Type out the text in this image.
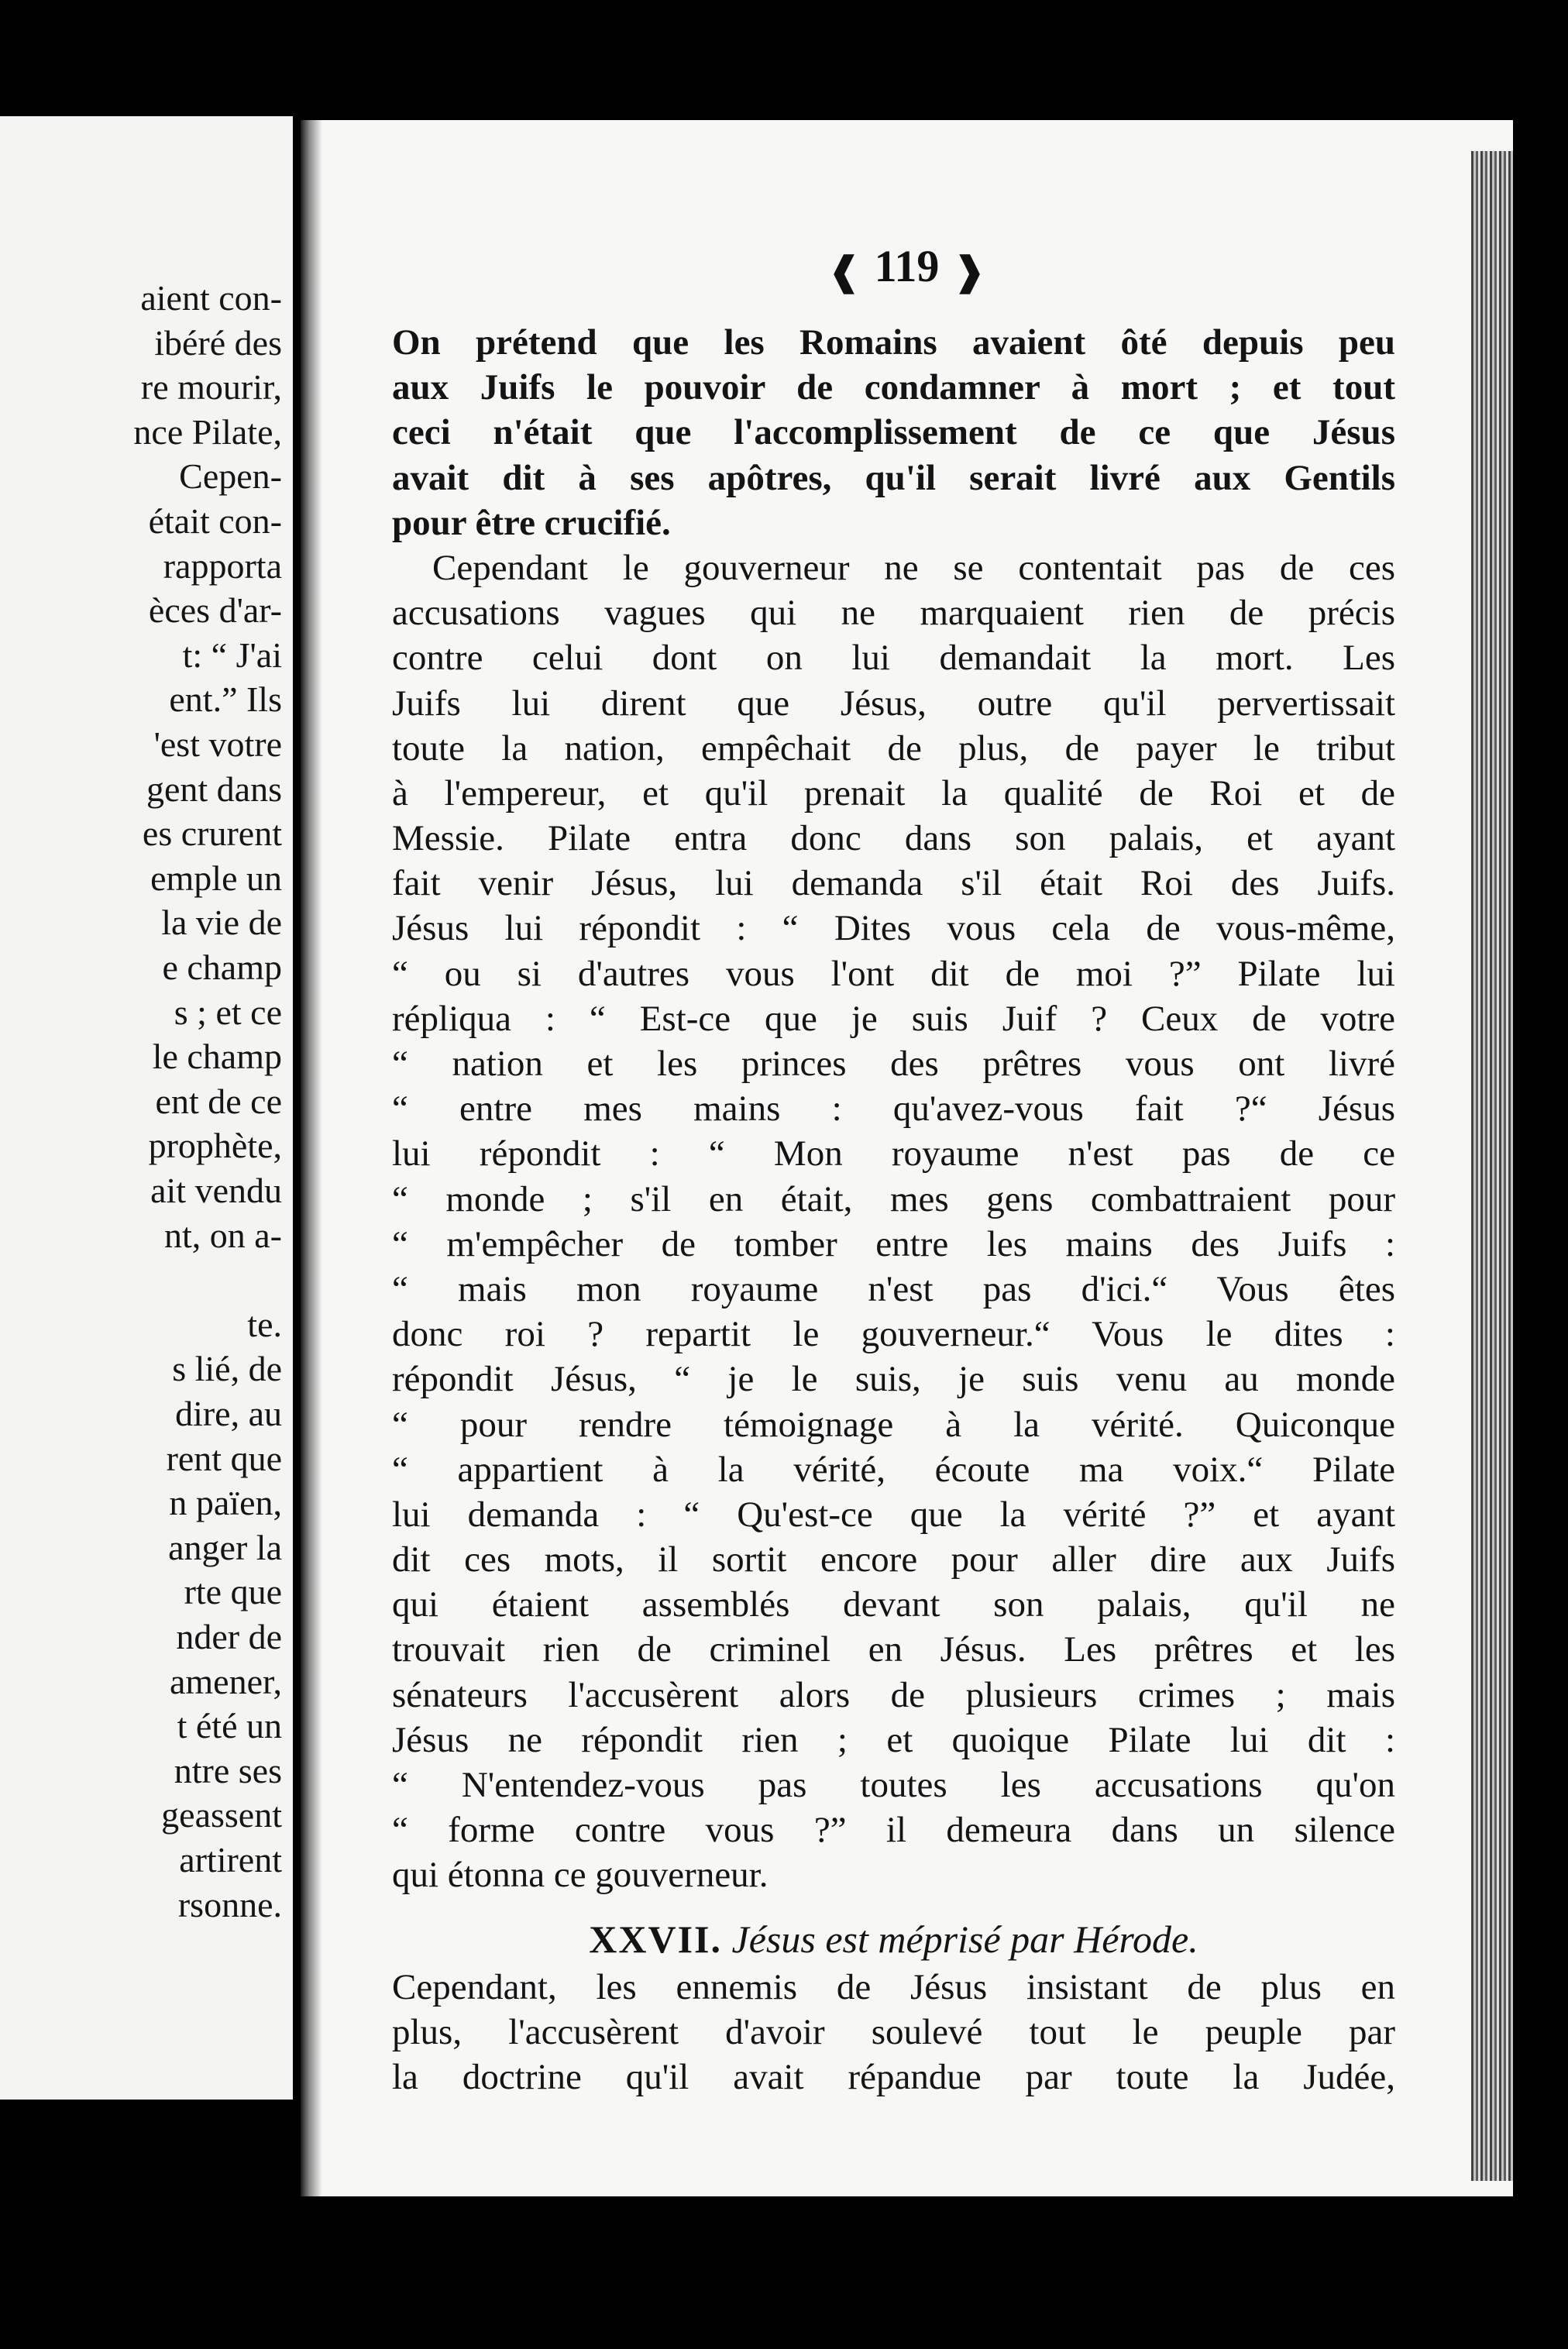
aient con-
ibéré des
re mourir,
nce Pilate,
Cepen-
était con-
rapporta
èces d'ar-
t: “ J'ai
ent.” Ils
'est votre
gent dans
es crurent
emple un
la vie de
e champ
s ; et ce
le champ
ent de ce
prophète,
ait vendu
nt, on a-
te.
s lié, de
dire, au
rent que
n païen,
anger la
rte que
nder de
amener,
t été un
ntre ses
geassent
artirent
rsonne.
❰ 119 ❱
On prétend que les Romains avaient ôté depuis peu
aux Juifs le pouvoir de condamner à mort ; et tout
ceci n'était que l'accomplissement de ce que Jésus
avait dit à ses apôtres, qu'il serait livré aux Gentils
pour être crucifié.
Cependant le gouverneur ne se contentait pas de ces
accusations vagues qui ne marquaient rien de précis
contre celui dont on lui demandait la mort. Les
Juifs lui dirent que Jésus, outre qu'il pervertissait
toute la nation, empêchait de plus, de payer le tribut
à l'empereur, et qu'il prenait la qualité de Roi et de
Messie. Pilate entra donc dans son palais, et ayant
fait venir Jésus, lui demanda s'il était Roi des Juifs.
Jésus lui répondit : “ Dites vous cela de vous-même,
“ ou si d'autres vous l'ont dit de moi ?” Pilate lui
répliqua : “ Est-ce que je suis Juif ? Ceux de votre
“ nation et les princes des prêtres vous ont livré
“ entre mes mains : qu'avez-vous fait ?“ Jésus
lui répondit : “ Mon royaume n'est pas de ce
“ monde ; s'il en était, mes gens combattraient pour
“ m'empêcher de tomber entre les mains des Juifs :
“ mais mon royaume n'est pas d'ici.“ Vous êtes
donc roi ? repartit le gouverneur.“ Vous le dites :
répondit Jésus, “ je le suis, je suis venu au monde
“ pour rendre témoignage à la vérité. Quiconque
“ appartient à la vérité, écoute ma voix.“ Pilate
lui demanda : “ Qu'est-ce que la vérité ?” et ayant
dit ces mots, il sortit encore pour aller dire aux Juifs
qui étaient assemblés devant son palais, qu'il ne
trouvait rien de criminel en Jésus. Les prêtres et les
sénateurs l'accusèrent alors de plusieurs crimes ; mais
Jésus ne répondit rien ; et quoique Pilate lui dit :
“ N'entendez-vous pas toutes les accusations qu'on
“ forme contre vous ?” il demeura dans un silence
qui étonna ce gouverneur.
XXVII. Jésus est méprisé par Hérode.
Cependant, les ennemis de Jésus insistant de plus en
plus, l'accusèrent d'avoir soulevé tout le peuple par
la doctrine qu'il avait répandue par toute la Judée,
